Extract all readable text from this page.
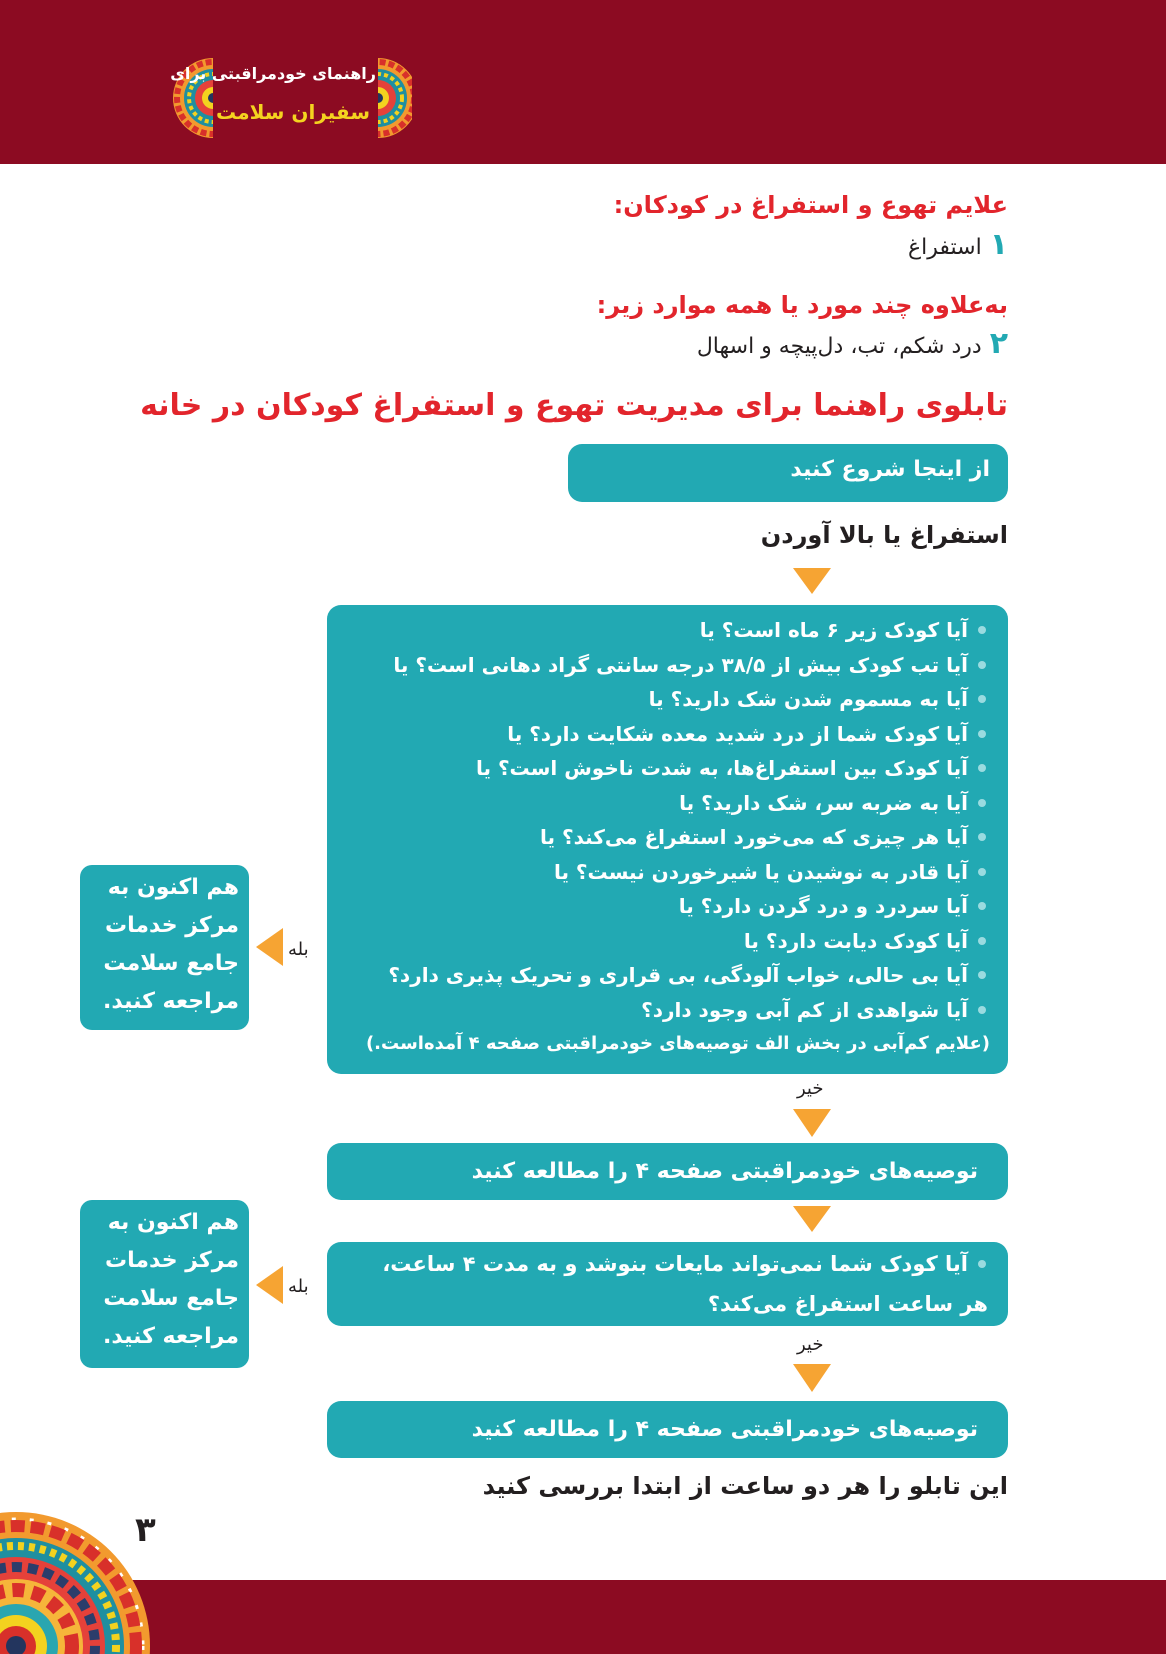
راهنمای خودمراقبتی برای
سفیران سلامت
علایم تهوع و استفراغ در کودکان:
۱استفراغ
به‌علاوه چند مورد یا همه موارد زیر:
۲درد شکم، تب، دل‌پیچه و اسهال
تابلوی راهنما برای مدیریت تهوع و استفراغ کودکان در خانه
از اینجا شروع کنید
استفراغ یا بالا آوردن
آیا کودک زیر ۶ ماه است؟ یا
آیا تب کودک بیش از ۳۸/۵ درجه سانتی گراد دهانی است؟ یا
آیا به مسموم شدن شک دارید؟ یا
آیا کودک شما از درد شدید معده شکایت دارد؟ یا
آیا کودک بین استفراغ‌ها، به شدت ناخوش است؟ یا
آیا به ضربه سر، شک دارید؟ یا
آیا هر چیزی که می‌خورد استفراغ می‌کند؟ یا
آیا قادر به نوشیدن یا شیرخوردن نیست؟ یا
آیا سردرد و درد گردن دارد؟ یا
آیا کودک دیابت دارد؟ یا
آیا بی حالی، خواب آلودگی، بی قراری و تحریک پذیری دارد؟
آیا شواهدی از کم آبی وجود دارد؟
(علایم کم‌آبی در بخش الف توصیه‌های خودمراقبتی صفحه ۴ آمده‌است.)
بله
هم اکنون به
مرکز خدمات
جامع سلامت
مراجعه کنید.
خیر
توصیه‌های خودمراقبتی صفحه ۴ را مطالعه کنید
آیا کودک شما نمی‌تواند مایعات بنوشد و به مدت ۴ ساعت،
هر ساعت استفراغ می‌کند؟
بله
هم اکنون به
مرکز خدمات
جامع سلامت
مراجعه کنید.	خیر
توصیه‌های خودمراقبتی صفحه ۴ را مطالعه کنید
این تابلو را هر دو ساعت از ابتدا بررسی کنید
۳
